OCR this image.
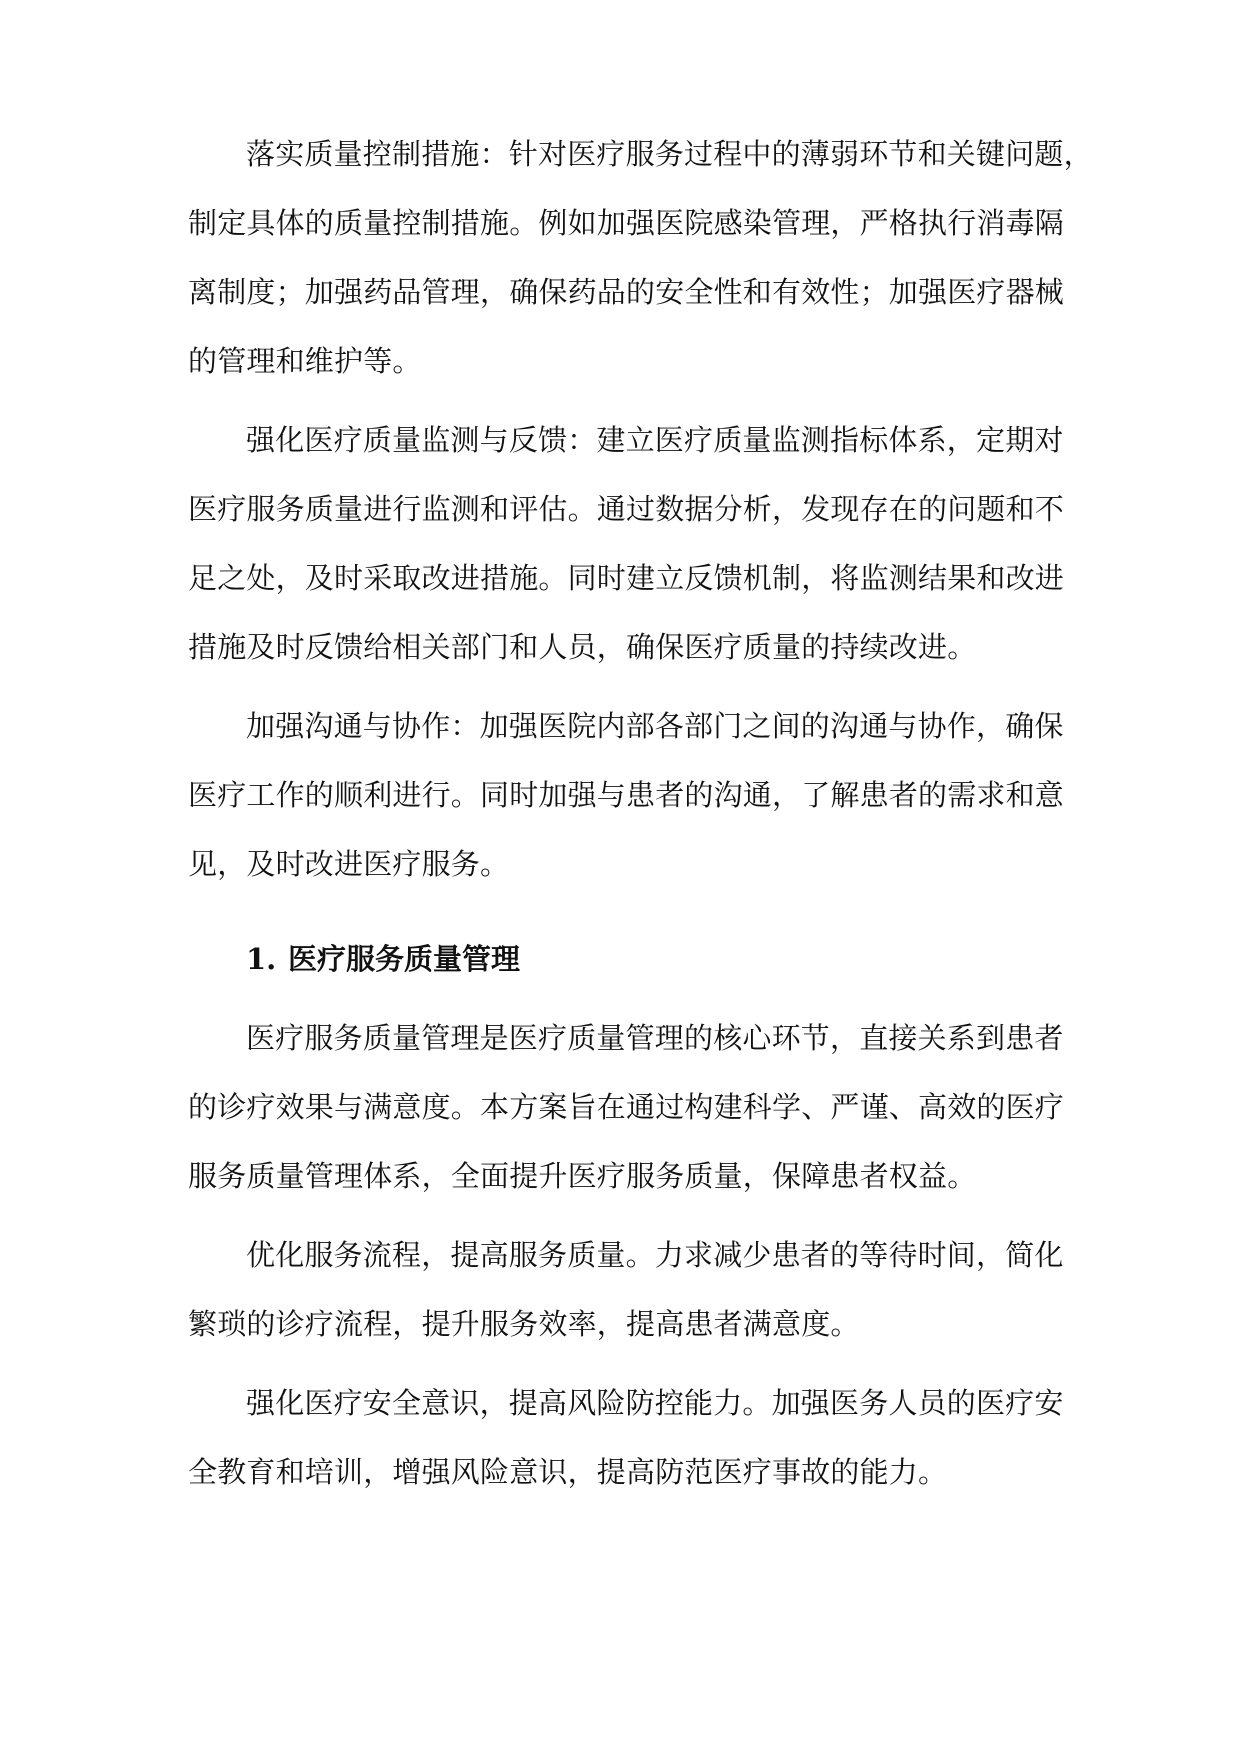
落实质量控制措施：针对医疗服务过程中的薄弱环节和关键问题，
制定具体的质量控制措施。例如加强医院感染管理，严格执行消毒隔
离制度；加强药品管理，确保药品的安全性和有效性；加强医疗器械
的管理和维护等。
强化医疗质量监测与反馈：建立医疗质量监测指标体系，定期对
医疗服务质量进行监测和评估。通过数据分析，发现存在的问题和不
足之处，及时采取改进措施。同时建立反馈机制，将监测结果和改进
措施及时反馈给相关部门和人员，确保医疗质量的持续改进。
加强沟通与协作：加强医院内部各部门之间的沟通与协作，确保
医疗工作的顺利进行。同时加强与患者的沟通，了解患者的需求和意
见，及时改进医疗服务。
1. 医疗服务质量管理
医疗服务质量管理是医疗质量管理的核心环节，直接关系到患者
的诊疗效果与满意度。本方案旨在通过构建科学、严谨、高效的医疗
服务质量管理体系，全面提升医疗服务质量，保障患者权益。
优化服务流程，提高服务质量。力求减少患者的等待时间，简化
繁琐的诊疗流程，提升服务效率，提高患者满意度。
强化医疗安全意识，提高风险防控能力。加强医务人员的医疗安
全教育和培训，增强风险意识，提高防范医疗事故的能力。
